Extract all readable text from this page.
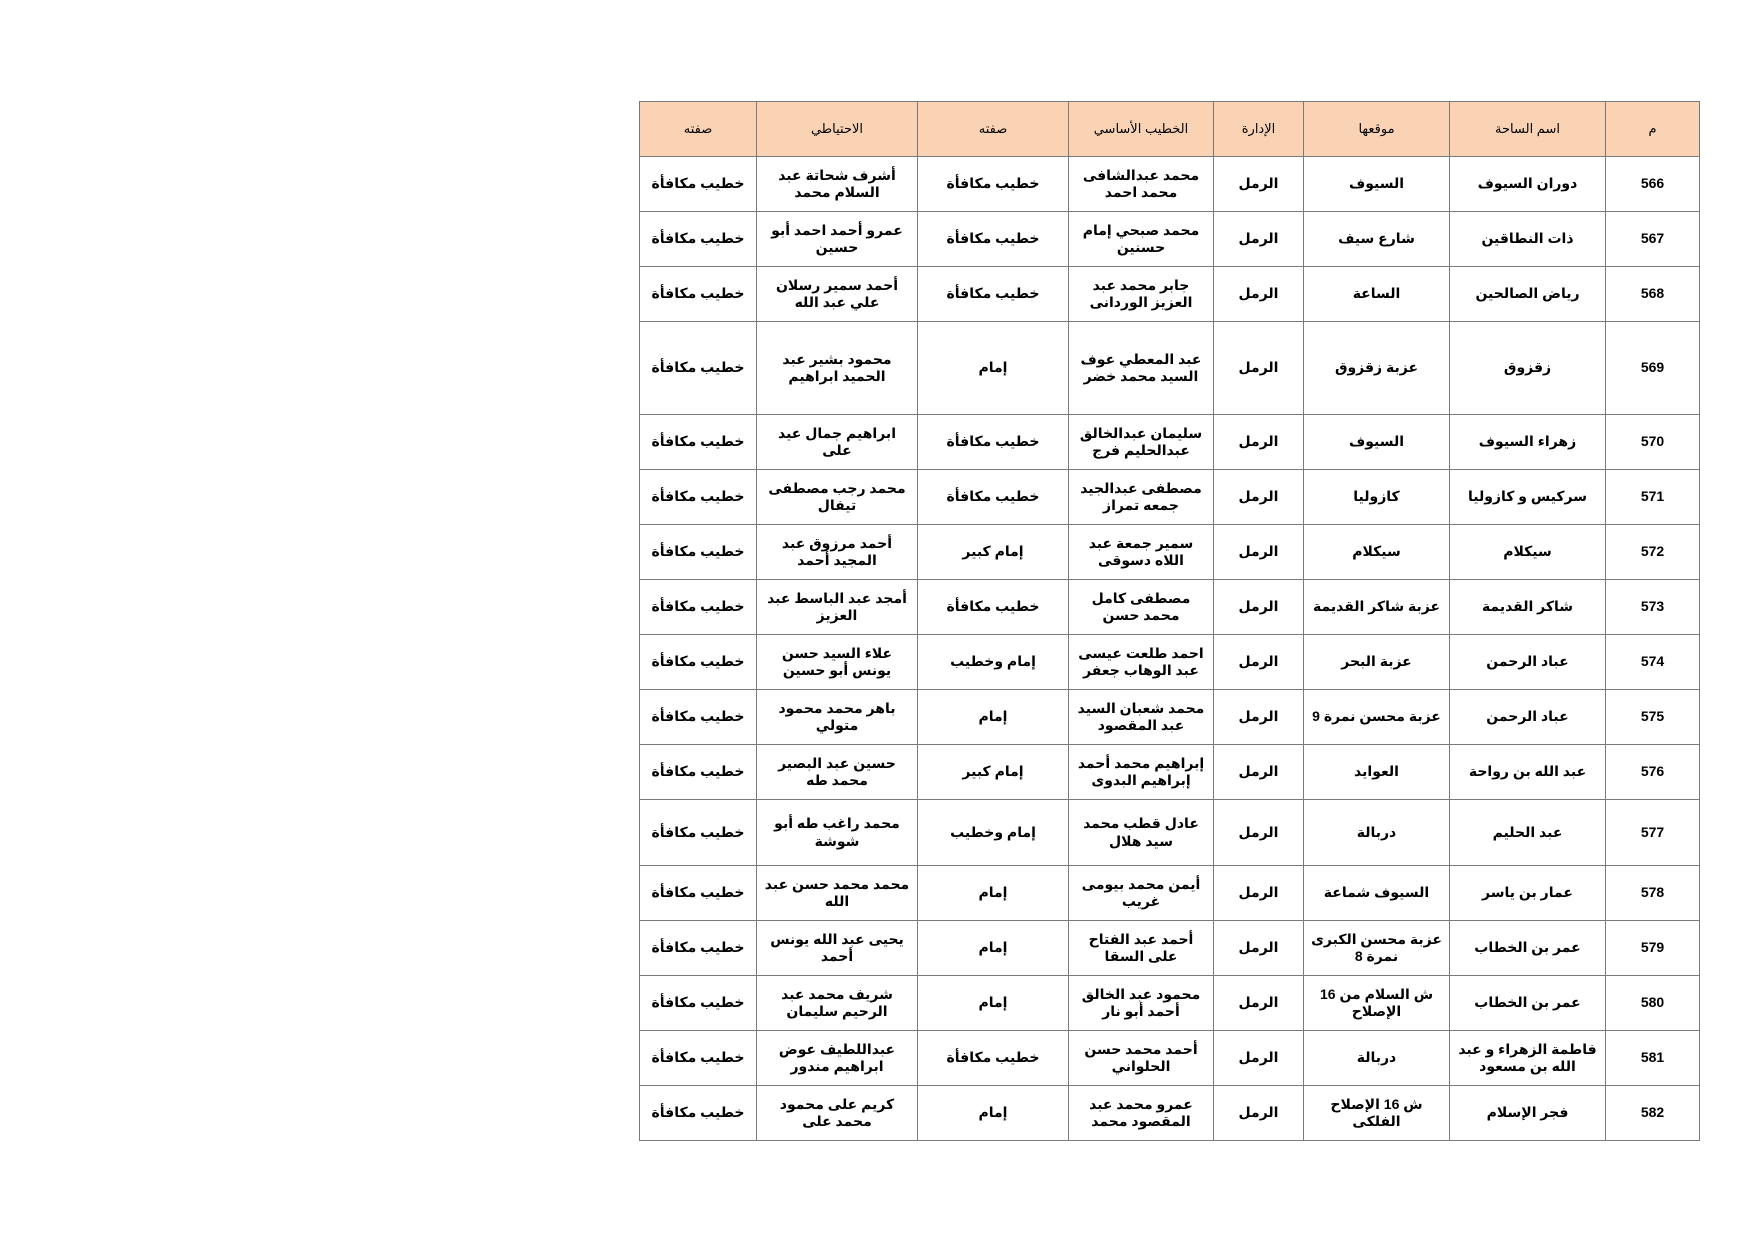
م	اسم الساحة	موقعها	الإدارة	الخطيب الأساسي	صفته	الاحتياطي	صفته
566	دوران السيوف	السيوف	الرمل	محمد عبدالشافى محمد احمد	خطيب مكافأة	أشرف شحاتة عبد السلام محمد	خطيب مكافأة
567	ذات النطاقين	شارع سيف	الرمل	محمد صبحي إمام حسنين	خطيب مكافأة	عمرو أحمد احمد أبو حسين	خطيب مكافأة
568	رياض الصالحين	الساعة	الرمل	جابر محمد عبد العزيز الوردانى	خطيب مكافأة	أحمد سمير رسلان علي عبد الله	خطيب مكافأة
569	زقزوق	عزبة زقزوق	الرمل	عبد المعطي عوف السيد محمد خضر	إمام	محمود بشير عبد الحميد ابراهيم	خطيب مكافأة
570	زهراء السيوف	السيوف	الرمل	سليمان عبدالخالق عبدالحليم فرج	خطيب مكافأة	ابراهيم جمال عيد على	خطيب مكافأة
571	سركيس و كازوليا	كازوليا	الرمل	مصطفى عبدالجيد جمعه تمراز	خطيب مكافأة	محمد رجب مصطفى تيفال	خطيب مكافأة
572	سيكلام	سيكلام	الرمل	سمير جمعة عبد اللاه دسوقى	إمام كبير	أحمد مرزوق عبد المجيد أحمد	خطيب مكافأة
573	شاكر القديمة	عزبة شاكر القديمة	الرمل	مصطفى كامل محمد حسن	خطيب مكافأة	أمجد عبد الباسط عبد العزيز	خطيب مكافأة
574	عباد الرحمن	عزبة البحر	الرمل	احمد طلعت عيسى عبد الوهاب جعفر	إمام وخطيب	علاء السيد حسن يونس أبو حسين	خطيب مكافأة
575	عباد الرحمن	عزبة محسن نمرة 9	الرمل	محمد شعبان السيد عبد المقصود	إمام	باهر محمد محمود متولي	خطيب مكافأة
576	عبد الله بن رواحة	العوايد	الرمل	إبراهيم محمد أحمد إبراهيم البدوى	إمام كبير	حسين عبد البصير محمد طه	خطيب مكافأة
577	عبد الحليم	دربالة	الرمل	عادل قطب محمد سيد هلال	إمام وخطيب	محمد راغب طه أبو شوشة	خطيب مكافأة
578	عمار بن ياسر	السيوف شماعة	الرمل	أيمن محمد بيومى غريب	إمام	محمد محمد حسن عبد الله	خطيب مكافأة
579	عمر بن الخطاب	عزبة محسن الكبرى نمرة 8	الرمل	أحمد عبد الفتاح على السقا	إمام	يحيى عبد الله يونس أحمد	خطيب مكافأة
580	عمر بن الخطاب	ش السلام من 16 الإصلاح	الرمل	محمود عبد الخالق أحمد أبو نار	إمام	شريف محمد عبد الرحيم سليمان	خطيب مكافأة
581	فاطمة الزهراء و عبد الله بن مسعود	دربالة	الرمل	أحمد محمد حسن الحلواني	خطيب مكافأة	عبداللطيف عوض ابراهيم مندور	خطيب مكافأة
582	فجر الإسلام	ش 16 الإصلاح الفلكى	الرمل	عمرو محمد عبد المقصود محمد	إمام	كريم على محمود محمد على	خطيب مكافأة
